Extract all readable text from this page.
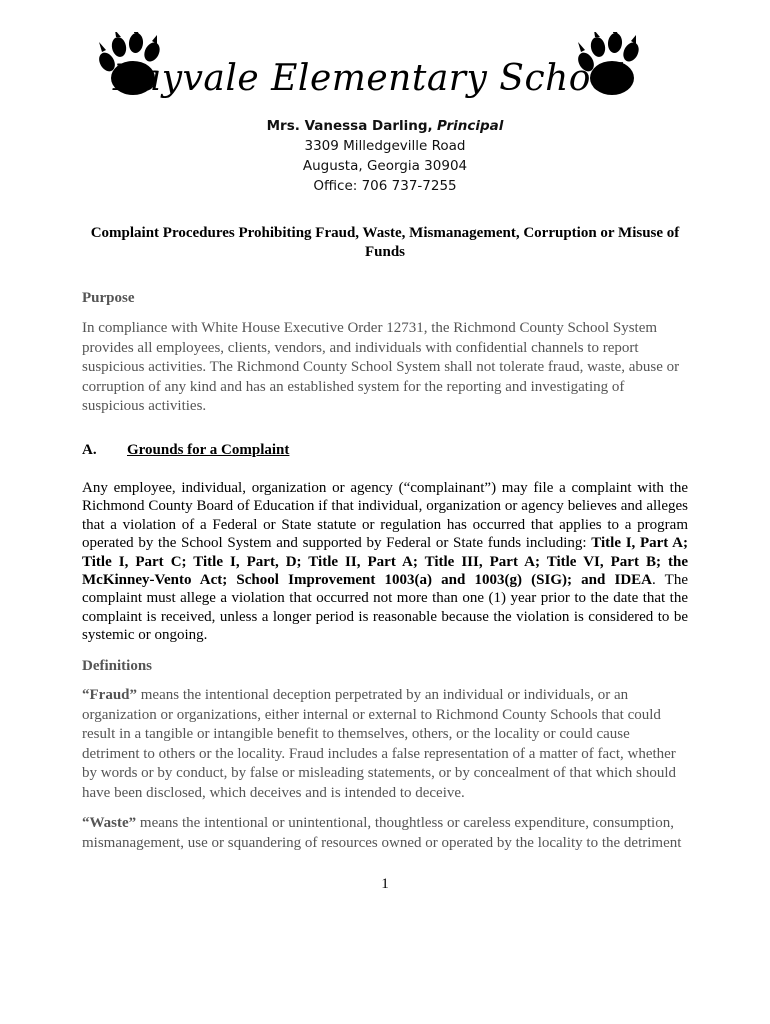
Bayvale Elementary School
Mrs. Vanessa Darling, Principal
3309 Milledgeville Road
Augusta, Georgia 30904
Office: 706 737-7255
Complaint Procedures Prohibiting Fraud, Waste, Mismanagement, Corruption or Misuse of Funds
Purpose
In compliance with White House Executive Order 12731, the Richmond County School System provides all employees, clients, vendors, and individuals with confidential channels to report suspicious activities. The Richmond County School System shall not tolerate fraud, waste, abuse or corruption of any kind and has an established system for the reporting and investigating of suspicious activities.
A. Grounds for a Complaint
Any employee, individual, organization or agency (“complainant”) may file a complaint with the Richmond County Board of Education if that individual, organization or agency believes and alleges that a violation of a Federal or State statute or regulation has occurred that applies to a program operated by the School System and supported by Federal or State funds including: Title I, Part A; Title I, Part C; Title I, Part, D; Title II, Part A; Title III, Part A; Title VI, Part B; the McKinney-Vento Act; School Improvement 1003(a) and 1003(g) (SIG); and IDEA. The complaint must allege a violation that occurred not more than one (1) year prior to the date that the complaint is received, unless a longer period is reasonable because the violation is considered to be systemic or ongoing.
Definitions
“Fraud” means the intentional deception perpetrated by an individual or individuals, or an organization or organizations, either internal or external to Richmond County Schools that could result in a tangible or intangible benefit to themselves, others, or the locality or could cause detriment to others or the locality. Fraud includes a false representation of a matter of fact, whether by words or by conduct, by false or misleading statements, or by concealment of that which should have been disclosed, which deceives and is intended to deceive.
“Waste” means the intentional or unintentional, thoughtless or careless expenditure, consumption, mismanagement, use or squandering of resources owned or operated by the locality to the detriment
1
